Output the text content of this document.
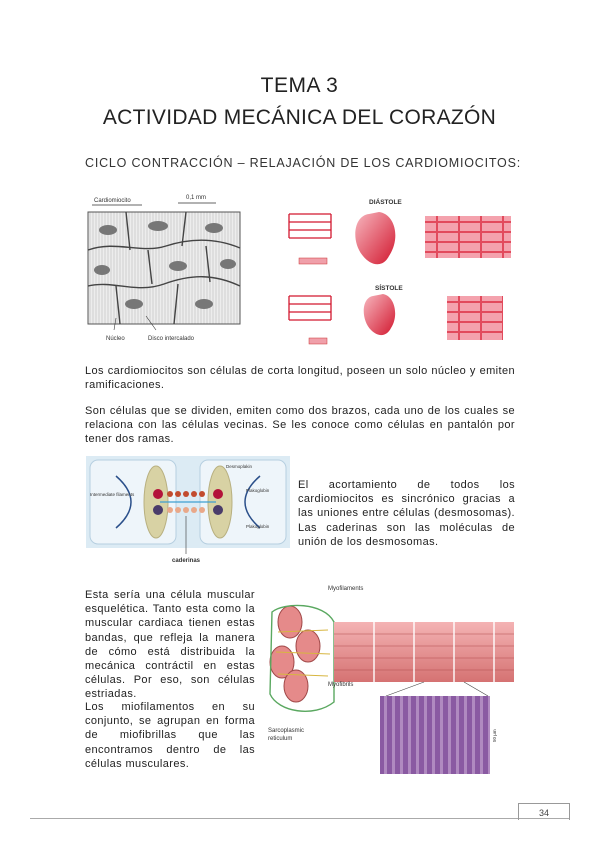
TEMA 3
ACTIVIDAD MECÁNICA DEL CORAZÓN
CICLO CONTRACCIÓN – RELAJACIÓN DE LOS CARDIOMIOCITOS:
Cardiomiocito	0,1 mm
Núcleo	Disco intercalado
DIÁSTOLE
SÍSTOLE
Los cardiomiocitos son células de corta longitud, poseen un solo núcleo y emiten ramificaciones.
Son células que se dividen, emiten como dos brazos, cada uno de los cuales se relaciona con las células vecinas. Se les conoce como células en pantalón por tener dos ramas.
Intermediate filaments
Desmoplakin
Plakoglobin
Plakoglobin
caderinas
El acortamiento de todos los cardiomiocitos es sincrónico gracias a las uniones entre células (desmosomas). Las caderinas son las moléculas de unión de los desmosomas.
Esta sería una célula muscular esquelética. Tanto esta como la muscular cardiaca tienen estas bandas, que refleja la manera de cómo está distribuida la mecánica contráctil en estas células. Por eso, son células estriadas.
Los miofilamentos en su conjunto, se agrupan en forma de miofibrillas que las encontramos dentro de las células musculares.
Myofilaments
Myofibrils
Sarcoplasmic
reticulum	50 μm
34
